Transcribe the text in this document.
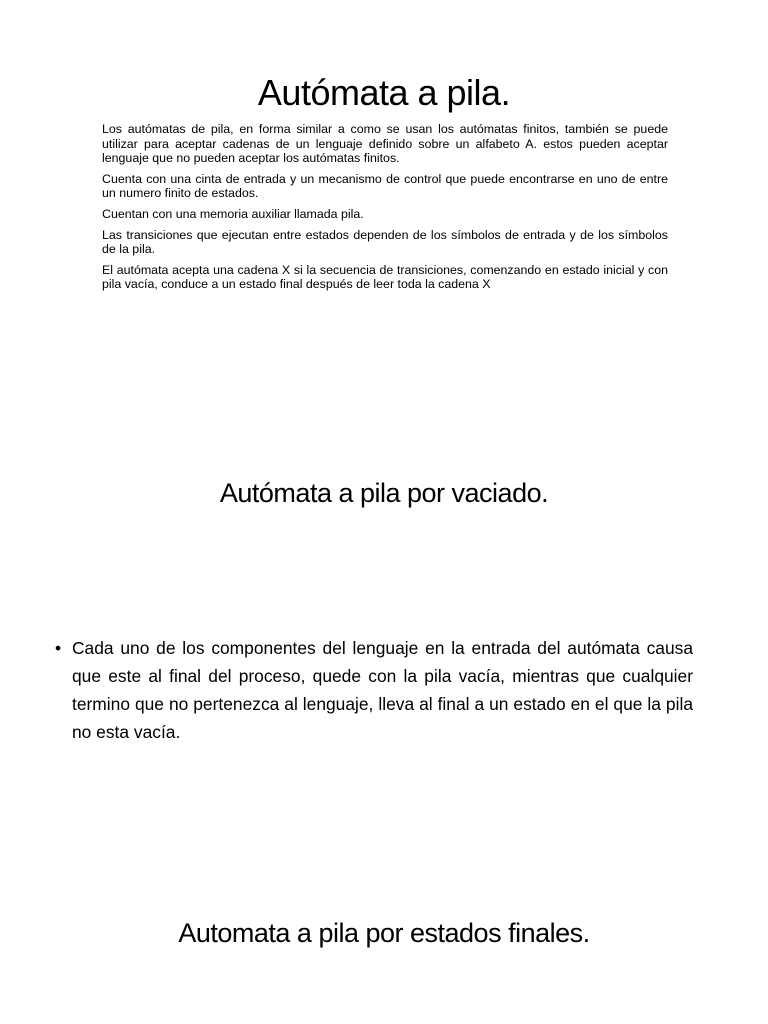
Autómata a pila.

Los autómatas de pila, en forma similar a como se usan los autómatas finitos, también se puede utilizar para aceptar cadenas de un lenguaje definido sobre un alfabeto A. estos pueden aceptar lenguaje que no pueden aceptar los autómatas finitos.

Cuenta con una cinta de entrada y un mecanismo de control que puede encontrarse en uno de entre un numero finito de estados.

Cuentan con una memoria auxiliar llamada pila.

Las transiciones que ejecutan entre estados dependen de los símbolos de entrada y de los símbolos de la pila.

El autómata acepta una cadena X si la secuencia de transiciones, comenzando en estado inicial y con pila vacía, conduce a un estado final después de leer toda la cadena X

Autómata a pila por vaciado.
• Cada uno de los componentes del lenguaje en la entrada del autómata causa que este al final del proceso, quede con la pila vacía, mientras que cualquier termino que no pertenezca al lenguaje, lleva al final a un estado en el que la pila no esta vacía.
Automata a pila por estados finales.
